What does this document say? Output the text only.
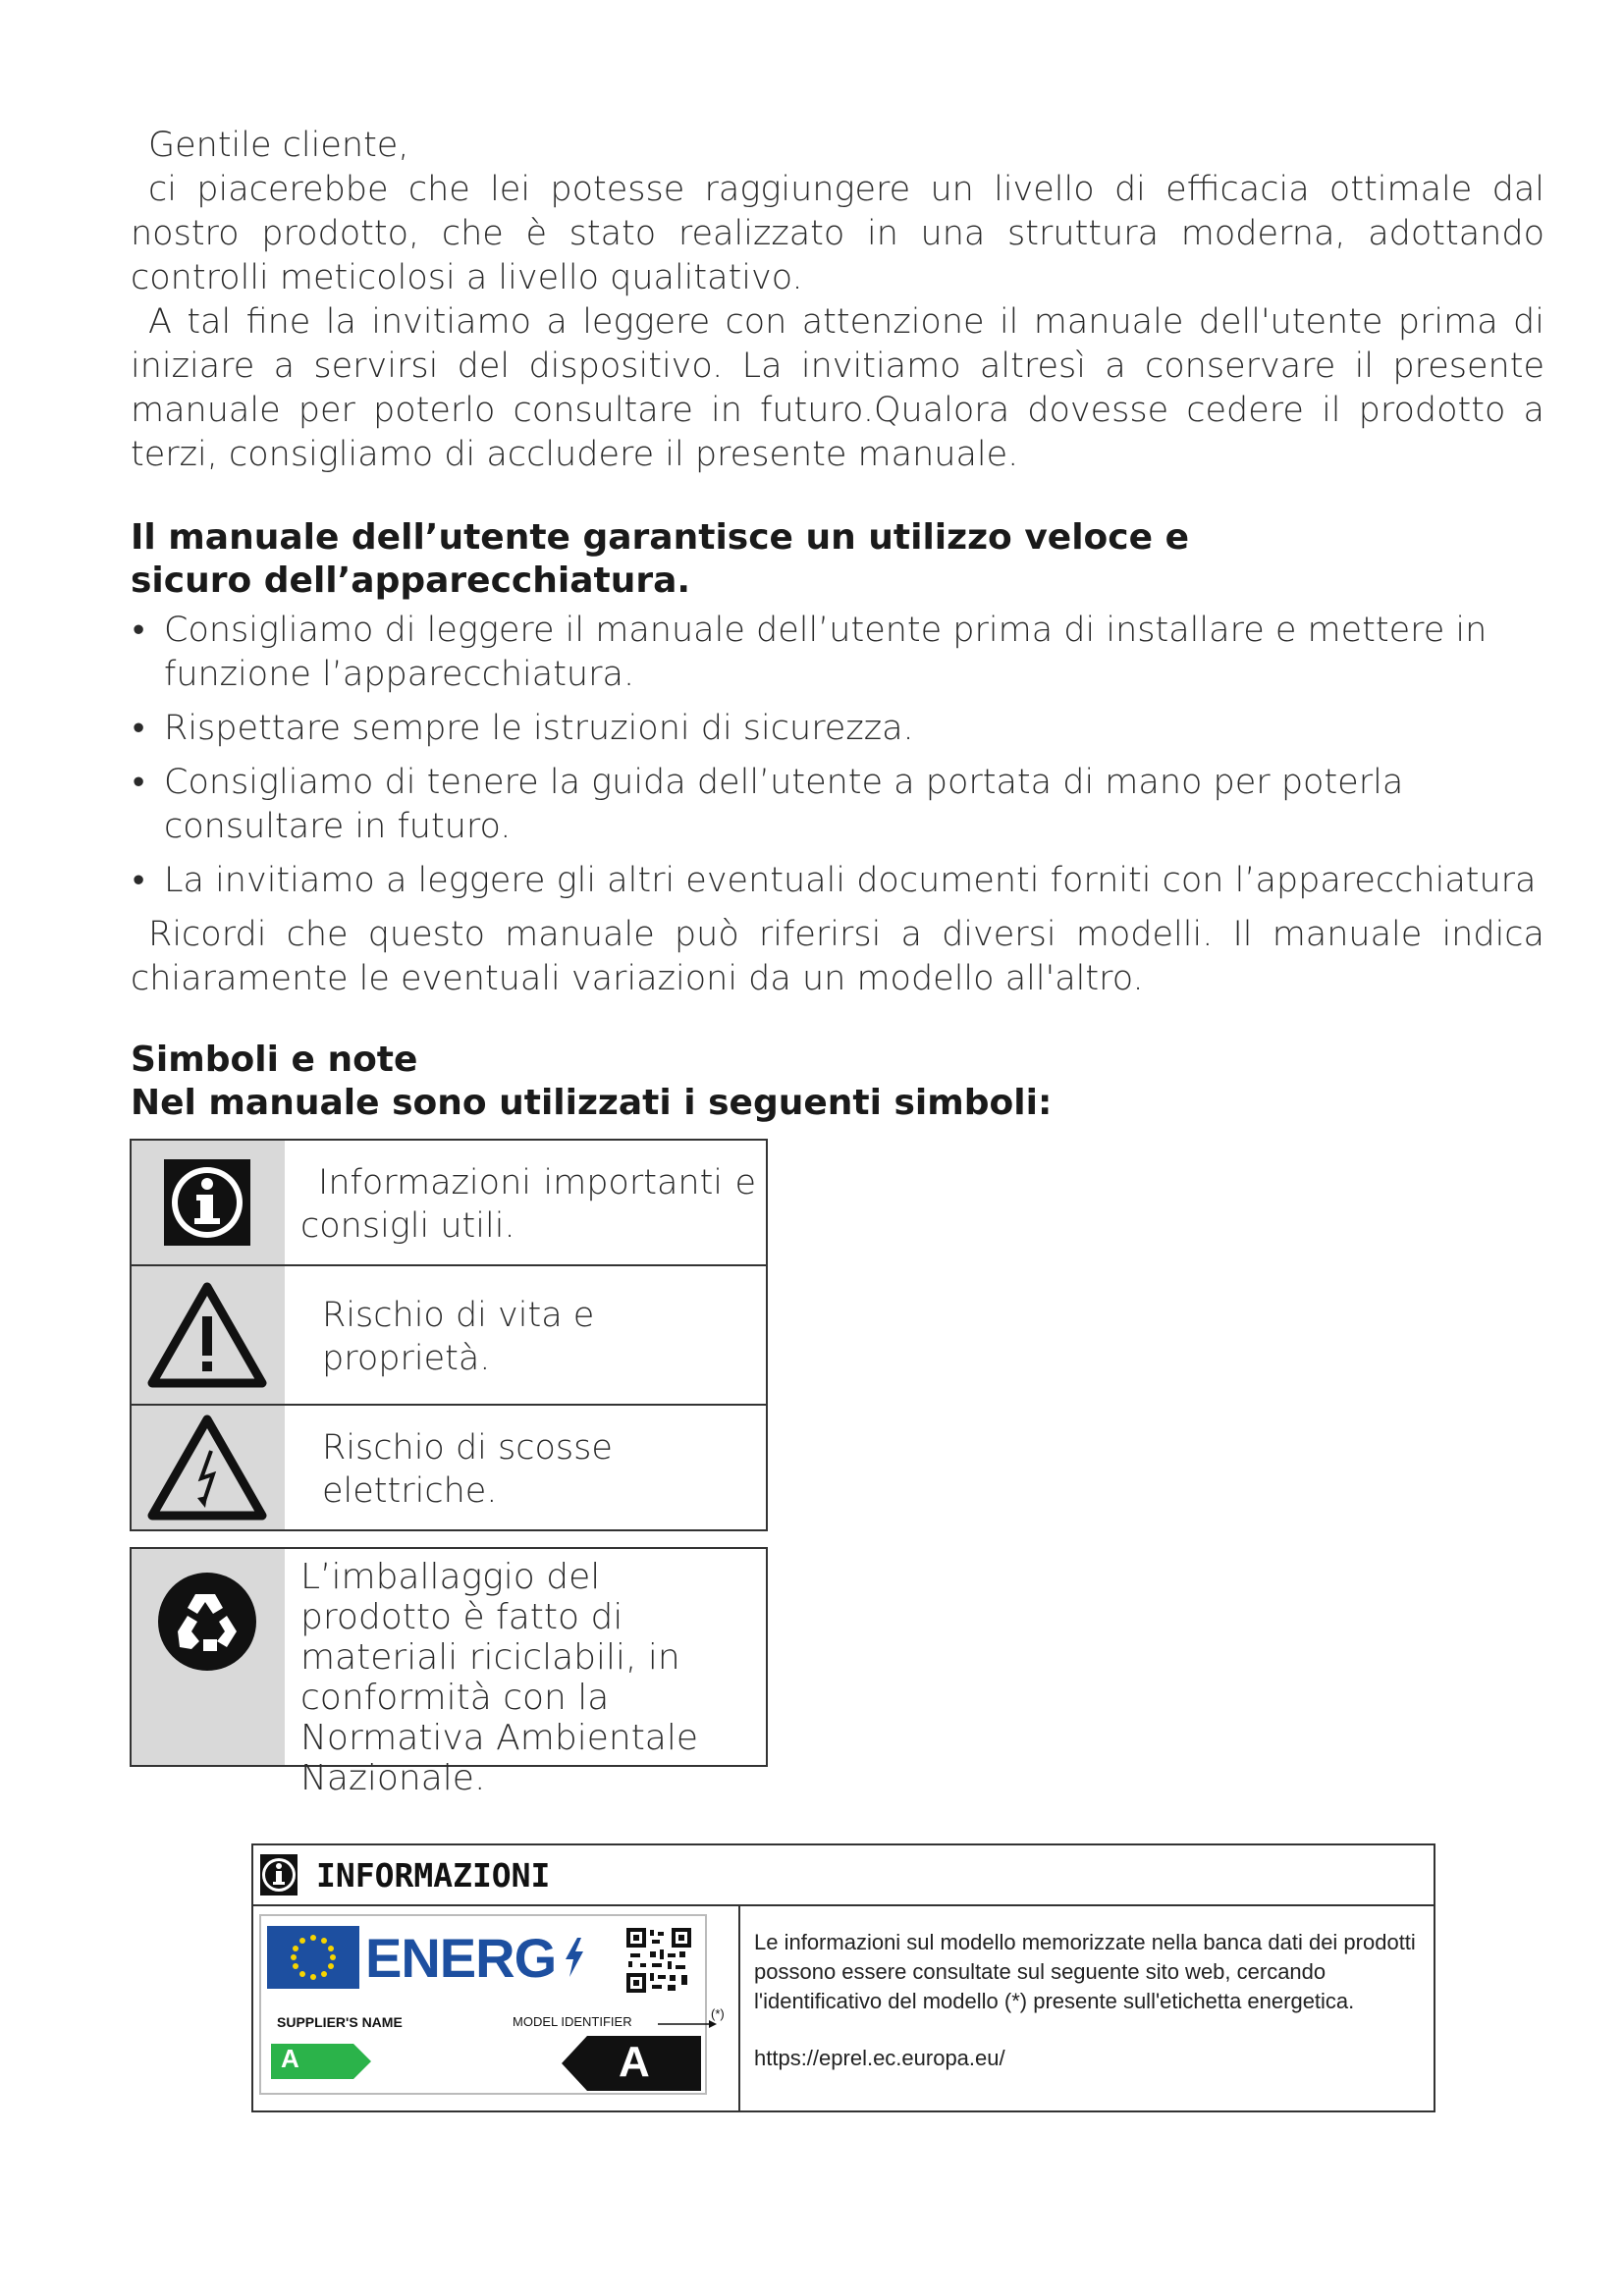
Gentile cliente,

ci piacerebbe che lei potesse raggiungere un livello di efficacia ottimale dal nostro prodotto, che è stato realizzato in una struttura moderna, adottando controlli meticolosi a livello qualitativo.

A tal fine la invitiamo a leggere con attenzione il manuale dell'utente prima di iniziare a servirsi del dispositivo. La invitiamo altresì a conservare il presente manuale per poterlo consultare in futuro.Qualora dovesse cedere il prodotto a terzi, consigliamo di accludere il presente manuale.

Il manuale dell’utente garantisce un utilizzo veloce e sicuro dell’apparecchiatura.

• Consigliamo di leggere il manuale dell’utente prima di installare e mettere in funzione l’apparecchiatura.
• Rispettare sempre le istruzioni di sicurezza.
• Consigliamo di tenere la guida dell’utente a portata di mano per poterla consultare in futuro.
• La invitiamo a leggere gli altri eventuali documenti forniti con l’apparecchiatura

Ricordi che questo manuale può riferirsi a diversi modelli. Il manuale indica chiaramente le eventuali variazioni da un modello all'altro.

Simboli e note

Nel manuale sono utilizzati i seguenti simboli:

Informazioni importanti e consigli utili.
Rischio di vita e proprietà.
Rischio di scosse elettriche.
L’imballaggio del prodotto è fatto di materiali riciclabili, in conformità con la Normativa Ambientale Nazionale.
INFORMAZIONI
ENERG
SUPPLIER'S NAME	MODEL IDENTIFIER
A	A
(*)

Le informazioni sul modello memorizzate nella banca dati dei prodotti possono essere consultate sul seguente sito web, cercando l'identificativo del modello (*) presente sull'etichetta energetica.

https://eprel.ec.europa.eu/
